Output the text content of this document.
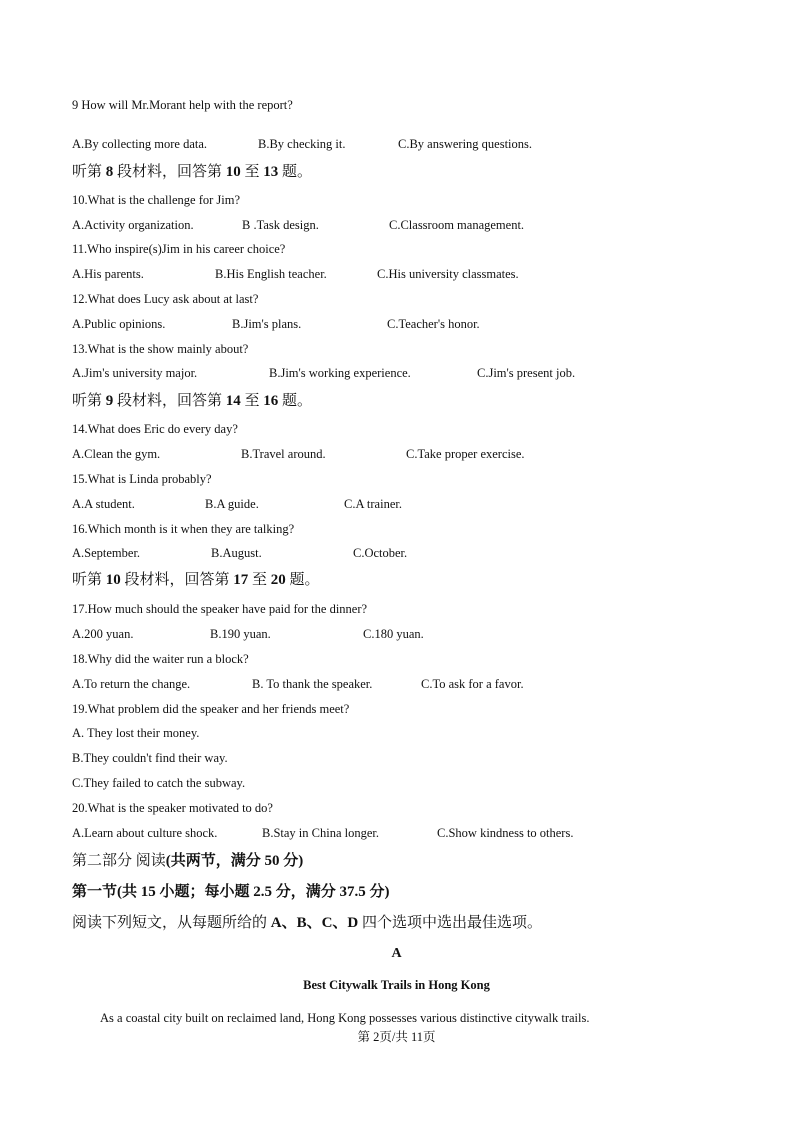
9 How will Mr.Morant help with the report?
A.By collecting more data.	B.By checking it.	C.By answering questions.
听第 8 段材料，回答第 10 至 13 题。
10.What is the challenge for Jim?
A.Activity organization.	B .Task design.	C.Classroom management.
11.Who inspire(s)Jim in his career choice?
A.His parents.	B.His English teacher.	C.His university classmates.
12.What does Lucy ask about at last?
A.Public opinions.	B.Jim's plans.	C.Teacher's honor.
13.What is the show mainly about?
A.Jim's university major.	B.Jim's working experience.	C.Jim's present job.
听第 9 段材料，回答第 14 至 16 题。
14.What does Eric do every day?
A.Clean the gym.	B.Travel around.	C.Take proper exercise.
15.What is Linda probably?
A.A student.	B.A guide.	C.A trainer.
16.Which month is it when they are talking?
A.September.	B.August.	C.October.
听第 10 段材料，回答第 17 至 20 题。
17.How much should the speaker have paid for the dinner?
A.200 yuan.	B.190 yuan.	C.180 yuan.
18.Why did the waiter run a block?
A.To return the change.	B. To thank the speaker.	C.To ask for a favor.
19.What problem did the speaker and her friends meet?
A. They lost their money.
B.They couldn't find their way.
C.They failed to catch the subway.
20.What is the speaker motivated to do?
A.Learn about culture shock.	B.Stay in China longer.	C.Show kindness to others.
第二部分 阅读(共两节，满分 50 分)
第一节(共 15 小题；每小题 2.5 分，满分 37.5 分)
阅读下列短文，从每题所给的 A、B、C、D 四个选项中选出最佳选项。
A
Best Citywalk Trails in Hong Kong
As a coastal city built on reclaimed land, Hong Kong possesses various distinctive citywalk trails.
第 2页/共 11页
